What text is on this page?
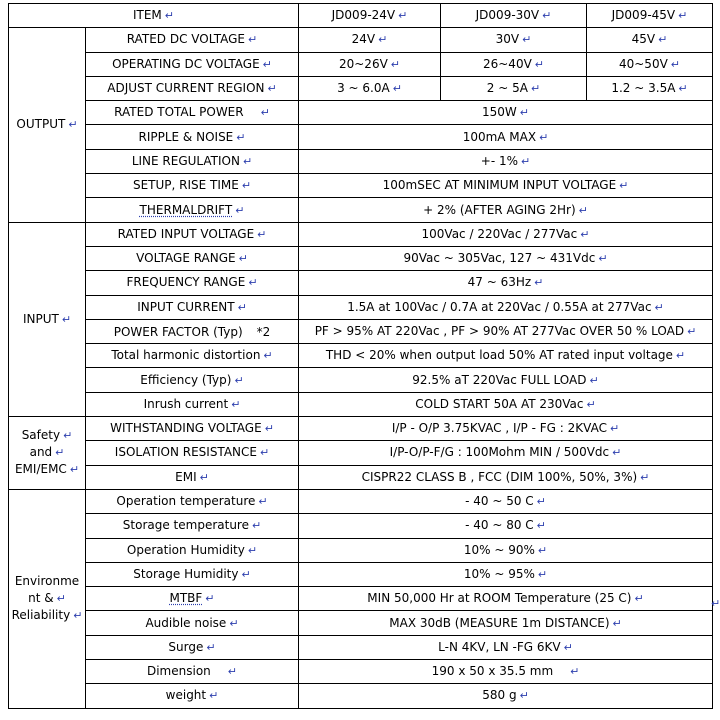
ITEM ↵		JD009-24V ↵	JD009-30V ↵	JD009-45V ↵
OUTPUT ↵	RATED DC VOLTAGE ↵	24V ↵	30V ↵	45V ↵
	OPERATING DC VOLTAGE ↵	20~26V ↵	26~40V ↵	40~50V ↵
	ADJUST CURRENT REGION ↵	3 ~ 6.0A ↵	2 ~ 5A ↵	1.2 ~ 3.5A ↵
	RATED TOTAL POWER ↵	150W ↵		
	RIPPLE & NOISE ↵	100mA MAX ↵		
	LINE REGULATION ↵	+- 1% ↵		
	SETUP, RISE TIME ↵	100mSEC AT MINIMUM INPUT VOLTAGE ↵		
	THERMALDRIFT ↵	+ 2% (AFTER AGING 2Hr) ↵		
INPUT ↵	RATED INPUT VOLTAGE ↵	100Vac / 220Vac / 277Vac ↵		
	VOLTAGE RANGE ↵	90Vac ~ 305Vac, 127 ~ 431Vdc ↵		
	FREQUENCY RANGE ↵	47 ~ 63Hz ↵		
	INPUT CURRENT ↵	1.5A at 100Vac / 0.7A at 220Vac / 0.55A at 277Vac ↵		
	POWER FACTOR (Typ) *2	PF > 95% AT 220Vac , PF > 90% AT 277Vac OVER 50 % LOAD ↵		
	Total harmonic distortion ↵	THD < 20% when output load 50% AT rated input voltage ↵		
	Efficiency (Typ) ↵	92.5% aT 220Vac FULL LOAD ↵		
	Inrush current ↵	COLD START 50A AT 230Vac ↵		
Safety ↵
and ↵
EMI/EMC ↵	WITHSTANDING VOLTAGE ↵	I/P - O/P 3.75KVAC , I/P - FG : 2KVAC ↵		
	ISOLATION RESISTANCE ↵	I/P-O/P-F/G : 100Mohm MIN / 500Vdc ↵		
	EMI ↵	CISPR22 CLASS B , FCC (DIM 100%, 50%, 3%) ↵		
Environme
nt & ↵
Reliability ↵	Operation temperature ↵	- 40 ~ 50 C ↵		
	Storage temperature ↵	- 40 ~ 80 C ↵		
	Operation Humidity ↵	10% ~ 90% ↵		
	Storage Humidity ↵	10% ~ 95% ↵		
	MTBF ↵	MIN 50,000 Hr at ROOM Temperature (25 C) ↵		
	Audible noise ↵	MAX 30dB (MEASURE 1m DISTANCE) ↵		
	Surge ↵	L-N 4KV, LN -FG 6KV ↵		
	Dimension ↵	190 x 50 x 35.5 mm ↵		
	weight ↵	580 g ↵		
↵
